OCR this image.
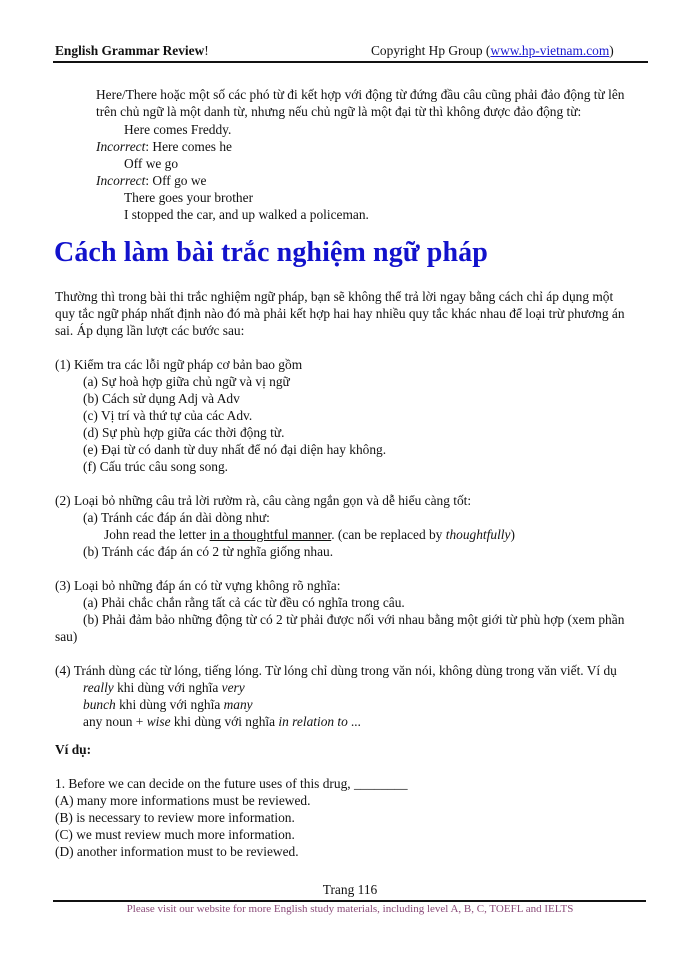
English Grammar Review!	Copyright Hp Group (www.hp-vietnam.com)
Here/There hoặc một số các phó từ đi kết hợp với động từ đứng đầu câu cũng phải đảo động từ lên
trên chủ ngữ là một danh từ, nhưng nếu chủ ngữ là một đại từ thì không được đảo động từ:
Here comes Freddy.
Incorrect: Here comes he
Off we go
Incorrect: Off go we
There goes your brother
I stopped the car, and up walked a policeman.
Cách làm bài trắc nghiệm ngữ pháp
Thường thì trong bài thi trắc nghiệm ngữ pháp, bạn sẽ không thể trả lời ngay bằng cách chỉ áp dụng một
quy tắc ngữ pháp nhất định nào đó mà phải kết hợp hai hay nhiều quy tắc khác nhau để loại trừ phương án
sai. Áp dụng lần lượt các bước sau:
(1) Kiểm tra các lỗi ngữ pháp cơ bản bao gồm
(a) Sự hoà hợp giữa chủ ngữ và vị ngữ
(b) Cách sử dụng Adj và Adv
(c) Vị trí và thứ tự của các Adv.
(d) Sự phù hợp giữa các thời động từ.
(e) Đại từ có danh từ duy nhất để nó đại diện hay không.
(f) Cấu trúc câu song song.
(2) Loại bỏ những câu trả lời rườm rà, câu càng ngắn gọn và dễ hiểu càng tốt:
(a) Tránh các đáp án dài dòng như:
John read the letter in a thoughtful manner. (can be replaced by thoughtfully)
(b) Tránh các đáp án có 2 từ nghĩa giống nhau.
(3) Loại bỏ những đáp án có từ vựng không rõ nghĩa:
(a) Phải chắc chắn rằng tất cả các từ đều có nghĩa trong câu.
(b) Phải đảm bảo những động từ có 2 từ phải được nối với nhau bằng một giới từ phù hợp (xem phần
sau)
(4) Tránh dùng các từ lóng, tiếng lóng. Từ lóng chỉ dùng trong văn nói, không dùng trong văn viết. Ví dụ
really khi dùng với nghĩa very
bunch khi dùng với nghĩa many
any noun + wise khi dùng với nghĩa in relation to ...
Ví dụ:
1. Before we can decide on the future uses of this drug, ________
(A) many more informations must be reviewed.
(B) is necessary to review more information.
(C) we must review much more information.
(D) another information must to be reviewed.
Trang 116
Please visit our website for more English study materials, including level A, B, C, TOEFL and IELTS
